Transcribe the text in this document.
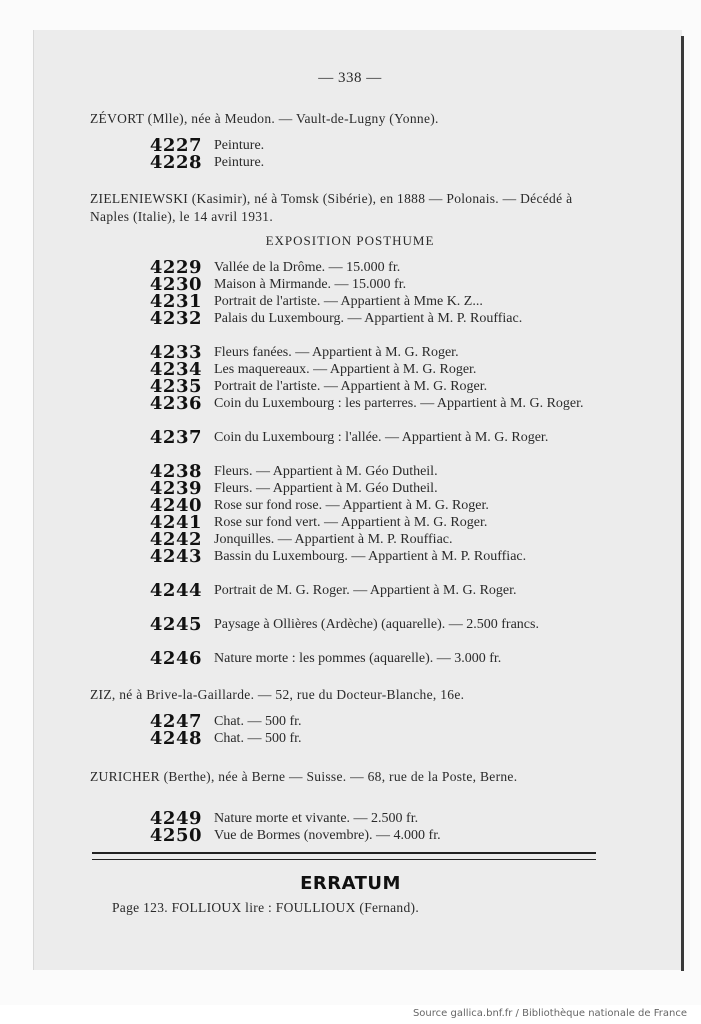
— 338 —
ZÉVORT (Mlle), née à Meudon. — Vault-de-Lugny (Yonne).
4227 Peinture.
4228 Peinture.
ZIELENIEWSKI (Kasimir), né à Tomsk (Sibérie), en 1888 — Polonais. — Décédé à Naples (Italie), le 14 avril 1931.
EXPOSITION POSTHUME
4229 Vallée de la Drôme. — 15.000 fr.
4230 Maison à Mirmande. — 15.000 fr.
4231 Portrait de l'artiste. — Appartient à Mme K. Z...
4232 Palais du Luxembourg. — Appartient à M. P. Rouffiac.
4233 Fleurs fanées. — Appartient à M. G. Roger.
4234 Les maquereaux. — Appartient à M. G. Roger.
4235 Portrait de l'artiste. — Appartient à M. G. Roger.
4236 Coin du Luxembourg : les parterres. — Appartient à M. G. Roger.
4237 Coin du Luxembourg : l'allée. — Appartient à M. G. Roger.
4238 Fleurs. — Appartient à M. Géo Dutheil.
4239 Fleurs. — Appartient à M. Géo Dutheil.
4240 Rose sur fond rose. — Appartient à M. G. Roger.
4241 Rose sur fond vert. — Appartient à M. G. Roger.
4242 Jonquilles. — Appartient à M. P. Rouffiac.
4243 Bassin du Luxembourg. — Appartient à M. P. Rouffiac.
4244 Portrait de M. G. Roger. — Appartient à M. G. Roger.
4245 Paysage à Ollières (Ardèche) (aquarelle). — 2.500 francs.
4246 Nature morte : les pommes (aquarelle). — 3.000 fr.
ZIZ, né à Brive-la-Gaillarde. — 52, rue du Docteur-Blanche, 16e.
4247 Chat. — 500 fr.
4248 Chat. — 500 fr.
ZURICHER (Berthe), née à Berne — Suisse. — 68, rue de la Poste, Berne.
4249 Nature morte et vivante. — 2.500 fr.
4250 Vue de Bormes (novembre). — 4.000 fr.
ERRATUM
Page 123. FOLLIOUX lire : FOULLIOUX (Fernand).
Source gallica.bnf.fr / Bibliothèque nationale de France
